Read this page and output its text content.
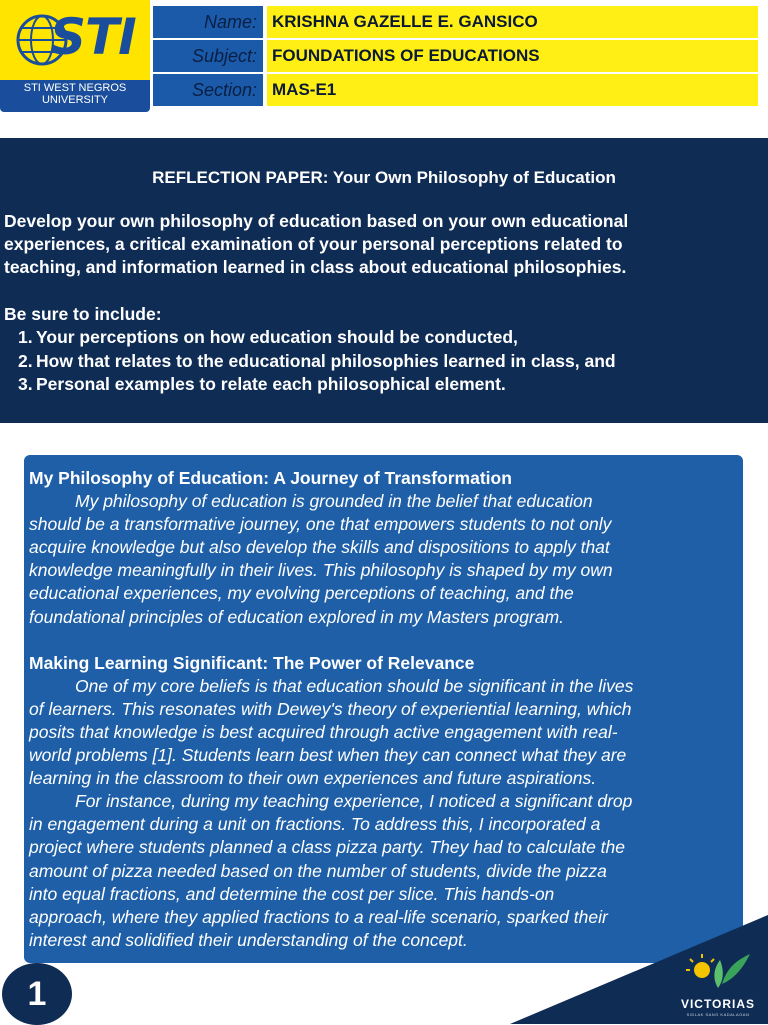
STI
STI WEST NEGROS
UNIVERSITY
Name: KRISHNA GAZELLE E. GANSICO
Subject: FOUNDATIONS OF EDUCATIONS
Section: MAS-E1
REFLECTION PAPER: Your Own Philosophy of Education
Develop your own philosophy of education based on your own educational
experiences, a critical examination of your personal perceptions related to
teaching, and information learned in class about educational philosophies.
Be sure to include:
1. Your perceptions on how education should be conducted,
2. How that relates to the educational philosophies learned in class, and
3. Personal examples to relate each philosophical element.
My Philosophy of Education: A Journey of Transformation
My philosophy of education is grounded in the belief that education
should be a transformative journey, one that empowers students to not only
acquire knowledge but also develop the skills and dispositions to apply that
knowledge meaningfully in their lives. This philosophy is shaped by my own
educational experiences, my evolving perceptions of teaching, and the
foundational principles of education explored in my Masters program.
Making Learning Significant: The Power of Relevance
One of my core beliefs is that education should be significant in the lives
of learners. This resonates with Dewey's theory of experiential learning, which
posits that knowledge is best acquired through active engagement with real-
world problems [1]. Students learn best when they can connect what they are
learning in the classroom to their own experiences and future aspirations.
For instance, during my teaching experience, I noticed a significant drop
in engagement during a unit on fractions. To address this, I incorporated a
project where students planned a class pizza party. They had to calculate the
amount of pizza needed based on the number of students, divide the pizza
into equal fractions, and determine the cost per slice. This hands-on
approach, where they applied fractions to a real-life scenario, sparked their
interest and solidified their understanding of the concept.
VICTORIAS
SIDLAK SANG KADALAGAN
1
